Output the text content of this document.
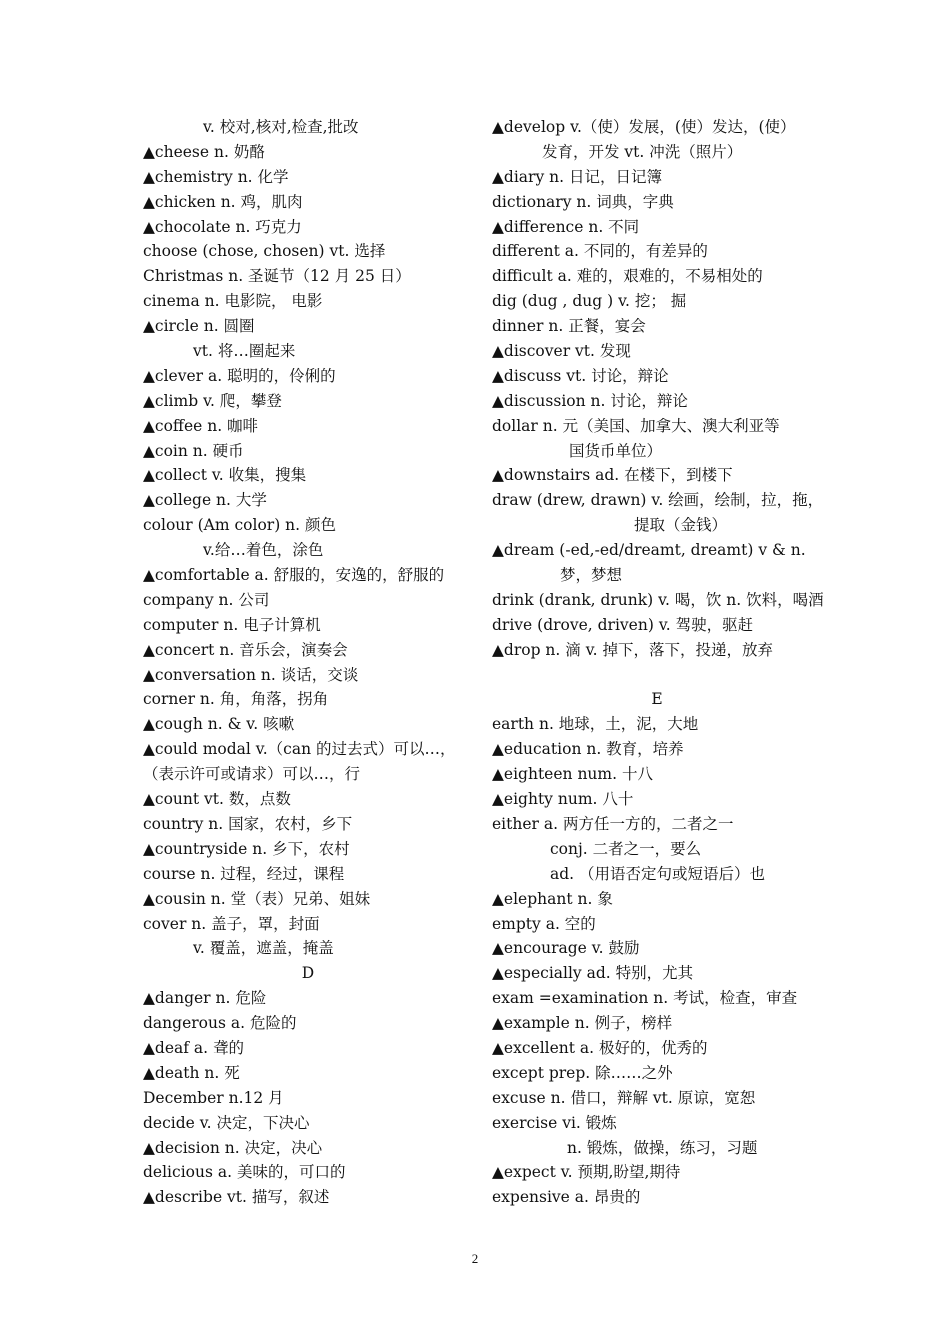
v. 校对,核对,检查,批改
▲cheese n. 奶酪
▲chemistry n. 化学
▲chicken n. 鸡，肌肉
▲chocolate n. 巧克力
choose (chose, chosen) vt. 选择
Christmas n. 圣诞节（12 月 25 日）
cinema n. 电影院， 电影
▲circle n. 圆圈
vt. 将…圈起来
▲clever a. 聪明的，伶俐的
▲climb v. 爬，攀登
▲coffee n. 咖啡
▲coin n. 硬币
▲collect v. 收集，搜集
▲college n. 大学
colour (Am color) n. 颜色
v.给…着色，涂色
▲comfortable a. 舒服的，安逸的，舒服的
company n. 公司
computer n. 电子计算机
▲concert n. 音乐会，演奏会
▲conversation n. 谈话，交谈
corner n. 角，角落，拐角
▲cough n. & v. 咳嗽
▲could modal v.（can 的过去式）可以…，
（表示许可或请求）可以…，行
▲count vt. 数，点数
country n. 国家，农村，乡下
▲countryside n. 乡下，农村
course n. 过程，经过，课程
▲cousin n. 堂（表）兄弟、姐妹
cover n. 盖子，罩，封面
v. 覆盖，遮盖，掩盖
D
▲danger n. 危险
dangerous a. 危险的
▲deaf a. 聋的
▲death n. 死
December n.12 月
decide v. 决定，下决心
▲decision n. 决定，决心
delicious a. 美味的，可口的
▲describe vt. 描写，叙述
▲develop v.（使）发展，(使）发达，(使）
发育，开发 vt. 冲洗（照片）
▲diary n. 日记，日记簿
dictionary n. 词典，字典
▲difference n. 不同
different a. 不同的，有差异的
difficult a. 难的，艰难的，不易相处的
dig (dug , dug ) v. 挖； 掘
dinner n. 正餐，宴会
▲discover vt. 发现
▲discuss vt. 讨论，辩论
▲discussion n. 讨论，辩论
dollar n. 元（美国、加拿大、澳大利亚等
国货币单位）
▲downstairs ad. 在楼下，到楼下
draw (drew, drawn) v. 绘画，绘制，拉，拖，
提取（金钱）
▲dream (-ed,-ed/dreamt, dreamt) v & n.
梦，梦想
drink (drank, drunk) v. 喝，饮 n. 饮料，喝酒
drive (drove, driven) v. 驾驶，驱赶
▲drop n. 滴 v. 掉下，落下，投递，放弃
E
earth n. 地球，土，泥，大地
▲education n. 教育，培养
▲eighteen num. 十八
▲eighty num. 八十
either a. 两方任一方的，二者之一
conj. 二者之一，要么
ad. （用语否定句或短语后）也
▲elephant n. 象
empty a. 空的
▲encourage v. 鼓励
▲especially ad. 特别，尤其
exam =examination n. 考试，检查，审查
▲example n. 例子，榜样
▲excellent a. 极好的，优秀的
except prep. 除……之外
excuse n. 借口，辩解 vt. 原谅，宽恕
exercise vi. 锻炼
n. 锻炼，做操，练习，习题
▲expect v. 预期,盼望,期待
expensive a. 昂贵的
2
